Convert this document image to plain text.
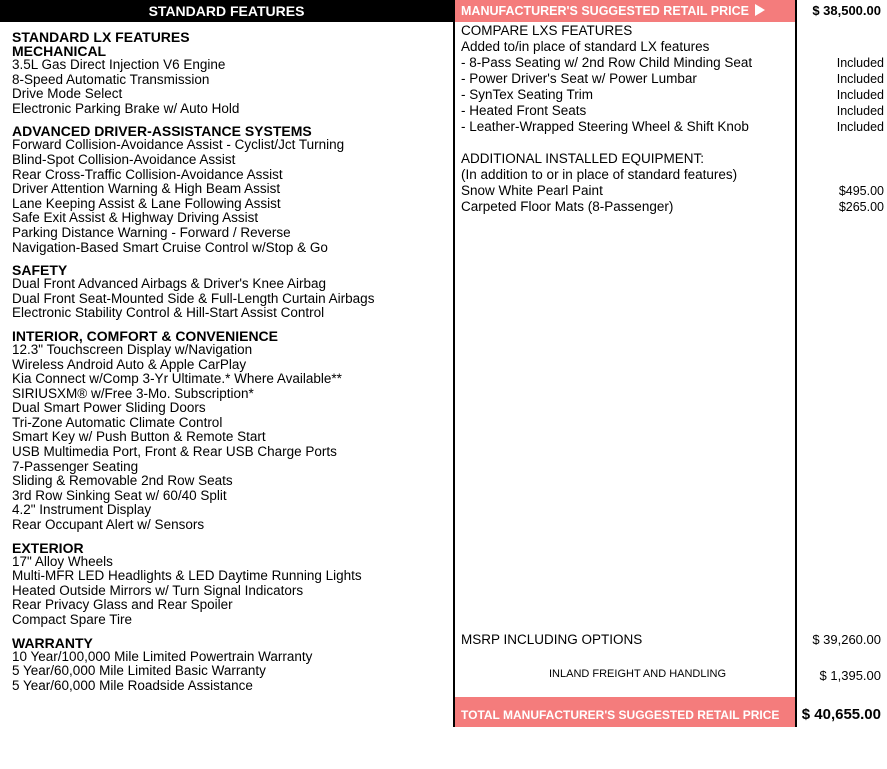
STANDARD FEATURES
STANDARD LX FEATURES
MECHANICAL
3.5L Gas Direct Injection V6 Engine
8-Speed Automatic Transmission
Drive Mode Select
Electronic Parking Brake w/ Auto Hold
ADVANCED DRIVER-ASSISTANCE SYSTEMS
Forward Collision-Avoidance Assist - Cyclist/Jct Turning
Blind-Spot Collision-Avoidance Assist
Rear Cross-Traffic Collision-Avoidance Assist
Driver Attention Warning & High Beam Assist
Lane Keeping Assist & Lane Following Assist
Safe Exit Assist & Highway Driving Assist
Parking Distance Warning - Forward / Reverse
Navigation-Based Smart Cruise Control w/Stop & Go
SAFETY
Dual Front Advanced Airbags & Driver's Knee Airbag
Dual Front Seat-Mounted Side & Full-Length Curtain Airbags
Electronic Stability Control & Hill-Start Assist Control
INTERIOR, COMFORT & CONVENIENCE
12.3" Touchscreen Display w/Navigation
Wireless Android Auto & Apple CarPlay
Kia Connect w/Comp 3-Yr Ultimate.* Where Available**
SIRIUSXM® w/Free 3-Mo. Subscription*
Dual Smart Power Sliding Doors
Tri-Zone Automatic Climate Control
Smart Key w/ Push Button & Remote Start
USB Multimedia Port, Front & Rear USB Charge Ports
7-Passenger Seating
Sliding & Removable 2nd Row Seats
3rd Row Sinking Seat w/ 60/40 Split
4.2" Instrument Display
Rear Occupant Alert w/ Sensors
EXTERIOR
17" Alloy Wheels
Multi-MFR LED Headlights & LED Daytime Running Lights
Heated Outside Mirrors w/ Turn Signal Indicators
Rear Privacy Glass and Rear Spoiler
Compact Spare Tire
WARRANTY
10 Year/100,000 Mile Limited Powertrain Warranty
5 Year/60,000 Mile Limited Basic Warranty
5 Year/60,000 Mile Roadside Assistance
MANUFACTURER'S SUGGESTED RETAIL PRICE	$ 38,500.00
COMPARE LXS FEATURES
Added to/in place of standard LX features
- 8-Pass Seating w/ 2nd Row Child Minding Seat	Included
- Power Driver's Seat w/ Power Lumbar	Included
- SynTex Seating Trim	Included
- Heated Front Seats	Included
- Leather-Wrapped Steering Wheel & Shift Knob	Included
ADDITIONAL INSTALLED EQUIPMENT:
(In addition to or in place of standard features)
Snow White Pearl Paint	$495.00
Carpeted Floor Mats (8-Passenger)	$265.00
MSRP INCLUDING OPTIONS	$ 39,260.00
INLAND FREIGHT AND HANDLING	$ 1,395.00
TOTAL MANUFACTURER'S SUGGESTED RETAIL PRICE	$ 40,655.00
